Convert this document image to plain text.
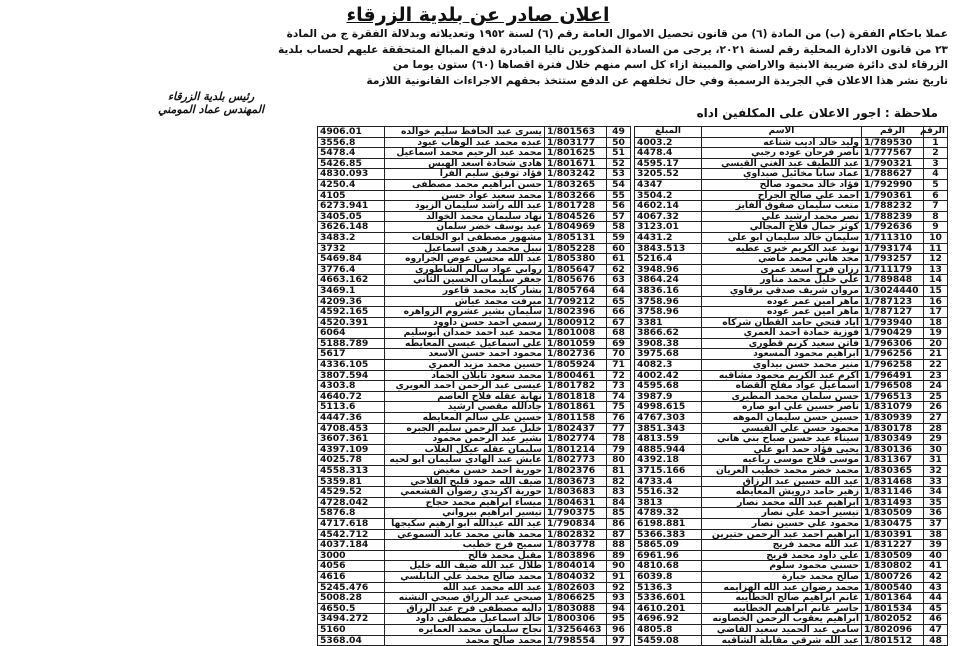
اعلان صادر عن بلدية الزرقاء

عملا باحكام الفقرة (ب) من المادة (٦) من قانون تحصيل الاموال العامة رقم (٦) لسنة ١٩٥٢ وتعديلاته وبدلالة الفقرة ج من المادة

٢٣ من قانون الادارة المحلية رقم لسنة ٢٠٢١، يرجى من السادة المذكورين تاليا المبادرة لدفع المبالغ المتحققة عليهم لحساب بلدية

الزرقاء لدى دائرة ضريبة الابنية والاراضي والمبينة ازاء كل اسم منهم خلال فترة اقصاها (٦٠) ستون يوما من

تاريخ نشر هذا الاعلان في الجريدة الرسمية وفي حال تخلفهم عن الدفع ستتخذ بحقهم الاجراءات القانونية اللازمة

ملاحظة : اجور الاعلان على المكلفين اداه
رئيس بلدية الزرقاء
المهندس عماد المومني
الرقم	الرقم	الاسم	المبلغ
1	1/789530	وليد خالد اديب شناعه	4003.2
2	1/777567	ناصر فرحان عوده رجبي	4478.4
3	1/790321	عبد اللطيف عبد الغني القيسي	4595.17
4	1/788627	عماد سابا مخائيل صيداوي	3205.52
5	1/792990	فؤاد خالد محمود صالح	4347
6	1/790361	احمد علي صالح الجراح	3504.2
7	1/788232	متعب سليمان صقوق الفايز	4602.14
8	1/788239	نصر محمد ارشيد علي	4067.32
9	1/792636	كوثر جمال فلاح المجالي	3123.01
10	1/711310	سليمان خالد سليمان ابو علي	4431.2
11	1/793174	نويد عبد الكريم خيري عطيه	3843.513
12	1/793257	مجد هاني محمد ماضي	5216.4
13	1/711179	رزان فرح اسعد عمري	3948.96
14	1/789848	علي خليل محمد مناور	3864.24
15	1/3024440	مروان شريف صدقي برقاوي	3836.16
16	1/787123	ماهر امين عمر عوده	3758.96
17	1/787127	ماهر امين عمر عوده	3758.96
18	1/793940	اياد فتحي حامد القطان شركاه	3381
19	1/790429	فوزية حمادة احمد العمري	3866.62
20	1/796306	فاتن سعيد كريم قطوري	3908.38
21	1/796256	ابراهيم محمود المسعود	3975.68
22	1/796258	منير محمد حسن بيداوي	4082.3
23	1/796491	اكرم عبد الكريم محمود مشاقبه	4002.42
24	1/796508	اسماعيل عواد مفلح القضاه	4595.68
25	1/796513	حسن سلمان محمد المطيري	3987.9
26	1/831079	ناصر حسين علي ابو صاره	4998.615
27	1/830939	حسين حسن سليمان الموهه	4767.303
28	1/830178	محمود حسن علي القيسي	3851.343
29	1/830349	سيناء عيد حسن صباح بني هاني	4813.59
30	1/830136	يحيى فؤاد حمد ابو علي	4885.944
31	1/831367	موسى فلاح موسى رباعيه	4392.18
32	1/830365	محمد خضر محمد خطيب العريان	3715.166
33	1/831468	عيد الله حسين عبد الرزاق	4733.4
34	1/831146	زهير حامد درويش المعايطه	5516.32
35	1/831493	ابراهيم عبد الله محمد نصار	3813
36	1/830509	تيسير احمد علي نصار	4789.32
37	1/830475	محمود علي حسين نصار	6198.881
38	1/830391	ابراهيم احمد عبد الرحمن حتيرين	5366.383
39	1/831227	عبد الله محمد فريج	5865.09
40	1/830509	علي داود محمد فريج	6961.96
41	1/830802	حسني محمود سلوم	4810.68
42	1/800726	صالح محمد جبارة	6039.8
43	1/800540	محمد رضوان عبد الله الهزايمه	5136.3
44	1/801364	غانم ابراهيم صالح الخطايبه	5336.601
45	1/801534	جاسر غانم ابراهيم الخطايبه	4610.201
46	1/802052	ابراهيم يعقوب الرحمن الخصاونه	4696.92
47	1/802096	سامي عبد الحميد سعيد القاضي	4805.8
48	1/801512	عبد الله شرقي مقابلة الشاقبه	5459.08
49	1/801563	يسرى عبد الحافظ سليم خوالده	4906.01
50	1/803177	عبده محمد عبد الوهاب عيود	3556.8
51	1/801625	محمد عبد الرحيم محمد اسماعيل	5478.4
52	1/801671	هادي شحادة اسعد الهبس	5426.85
53	1/803242	فؤاد توفيق سليم الفرا	4830.093
54	1/803265	حسن ابراهيم محمد مصطفى	4250.4
55	1/803266	محمد سعيد عواد حسن	4105
56	1/801728	عبد الله راشد سليمان الزيود	6273.941
57	1/804526	نهاد سليمان محمد الخوالد	3405.05
58	1/804969	عيد يوسف خضر سلمان	3626.148
59	1/805131	مشهور مصطفى ابو الخلفات	3483.2
60	1/805228	نبيل محمد زهدي اسماعيل	3732
61	1/805380	عبد الله محسن عوض الجراروه	5469.84
62	1/805647	روابي عواد سالم الشاطوري	3776.4
63	1/805676	جعفر سليمان الحسين الثاني	4663.162
64	1/805764	بشار كايد محمد قاعور	3469.1
65	1/709212	ميرفت محمد عياش	4209.36
66	1/802396	سليمان بشير عشروم الزواهره	4592.165
67	1/800912	رسمي احمد حسن داوود	4520.391
68	1/801008	محمد عبد احمد حمدان ابوسليم	6064
69	1/801059	علي اسماعيل عيسى المعايطه	5188.789
70	1/802736	محمود احمد حسن الاسعد	5617
71	1/805924	حسين محمد مزيد العمري	4336.105
72	1/800461	محمد سعود تايلان الحماد	3807.594
73	1/801782	عيسى عبد الرحمن احمد العويري	4303.8
74	1/801818	نهاية عقله فلاح العاصم	4640.72
75	1/801861	جادالله مقصي ارشيد	5113.6
76	1/801158	حسين علي سالم المعايطه	4447.36
77	1/802437	خليل عبد الرحمن سليم الجبره	4708.453
78	1/802774	بشير عبد الرحمن محمود	3607.361
79	1/801214	سليمان عقله عيكل الغلاب	4397.109
80	1/802773	عايش عبد الهادي سليمان ابو لحيه	4025.78
81	1/802376	حورية احمد حسن مغيض	4558.313
82	1/803673	ضيف الله حمود قليح الفلاحي	5359.81
83	1/803683	حورية اكريدي رضوان القشعمي	4529.52
84	1/804631	ميساء ابراهيم محمد حجاج	4728.042
85	1/790375	تيسير ابراهيم بيرواني	5876.8
86	1/790834	عيد الله عيدالله ابو ارهيم سكيجها	4717.618
87	1/802832	محمد هاني محمد عايد السموعي	4542.712
88	1/803778	سميح فرج خطيب	4037.184
89	1/803896	مقبل محمد فالح	3000
90	1/804014	طلال عبد الله ضيف الله خليل	4056
91	1/804032	محمد صالح محمد علي النابلسي	4616
92	1/802603	عبد الله محمد عبد الله	5245.476
93	1/806625	صبحي عبد الرزاق صبحي النشنه	5008.28
94	1/803088	داليه مصطفى فرج عبد الرزاق	4650.5
95	1/800306	خالد اسماعيل مصطفى داود	3494.272
96	1/3256463	نجاح سليمان محمد العمايره	5160
97	1/798554	محمد صالح محمد	5368.04
